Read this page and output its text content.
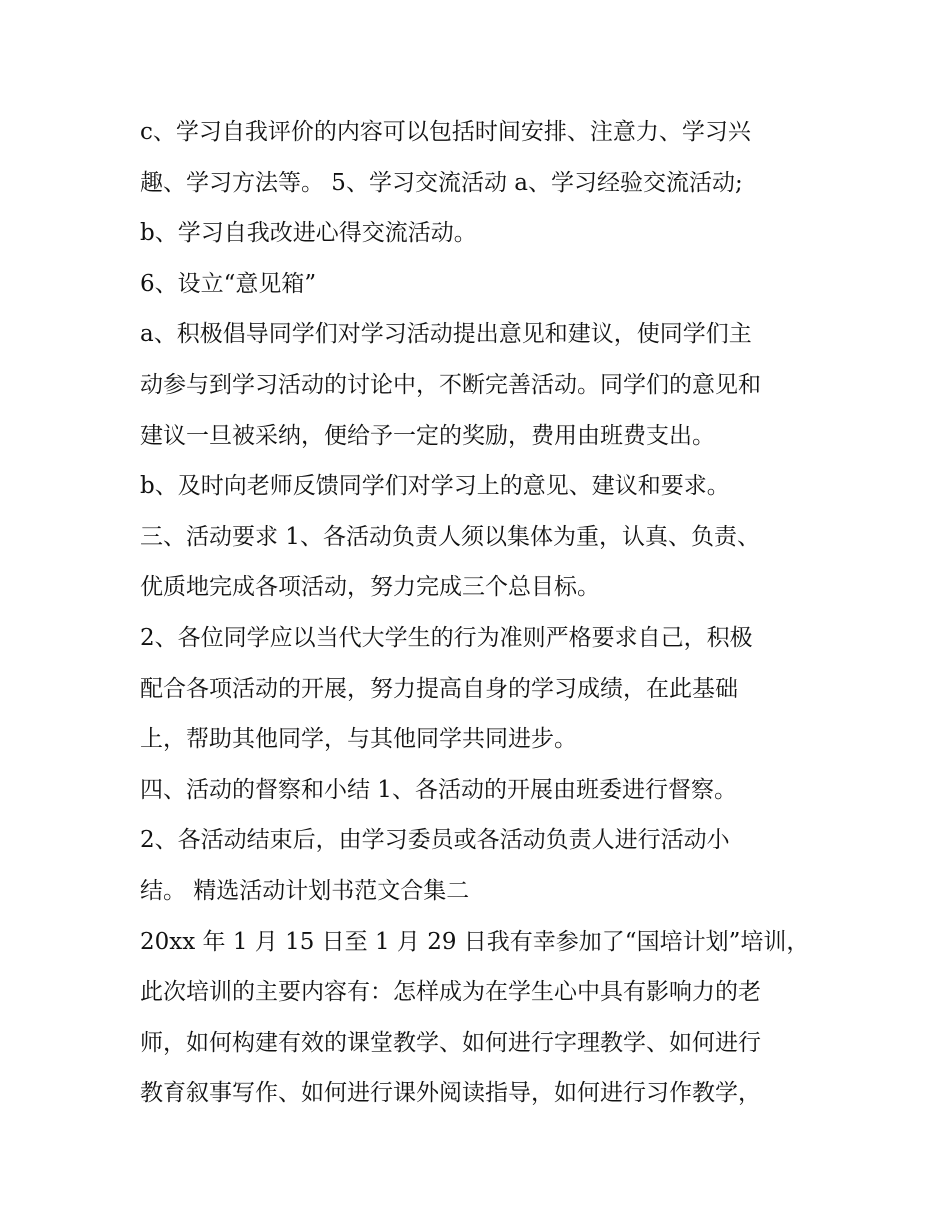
c、学习自我评价的内容可以包括时间安排、注意力、学习兴
趣、学习方法等。 5、学习交流活动 a、学习经验交流活动;
b、学习自我改进心得交流活动。
6、设立“意见箱”
a、积极倡导同学们对学习活动提出意见和建议，使同学们主
动参与到学习活动的讨论中，不断完善活动。同学们的意见和
建议一旦被采纳，便给予一定的奖励，费用由班费支出。
b、及时向老师反馈同学们对学习上的意见、建议和要求。
三、活动要求 1、各活动负责人须以集体为重，认真、负责、
优质地完成各项活动，努力完成三个总目标。
2、各位同学应以当代大学生的行为准则严格要求自己，积极
配合各项活动的开展，努力提高自身的学习成绩，在此基础
上，帮助其他同学，与其他同学共同进步。
四、活动的督察和小结 1、各活动的开展由班委进行督察。
2、各活动结束后，由学习委员或各活动负责人进行活动小
结。 精选活动计划书范文合集二
20xx 年 1 月 15 日至 1 月 29 日我有幸参加了“国培计划”培训，
此次培训的主要内容有：怎样成为在学生心中具有影响力的老
师，如何构建有效的课堂教学、如何进行字理教学、如何进行
教育叙事写作、如何进行课外阅读指导，如何进行习作教学，
